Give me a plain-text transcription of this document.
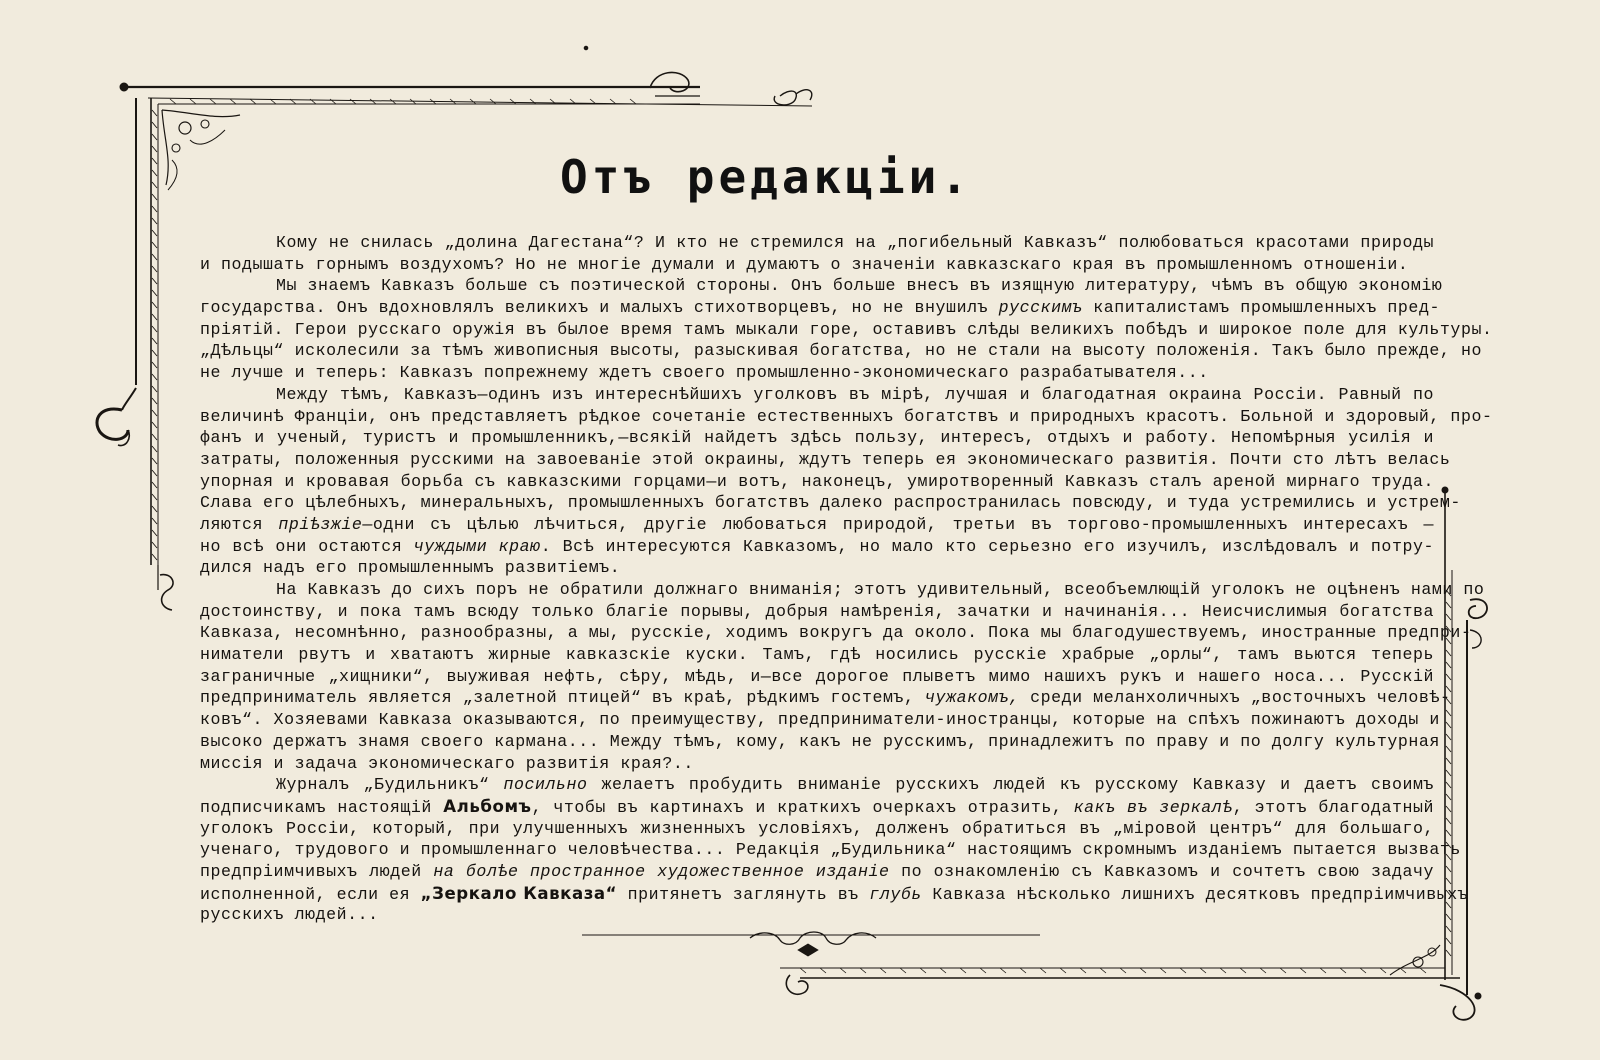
Отъ редакціи.
Кому не снилась „долина Дагестана“? И кто не стремился на „погибельный Кавказъ“ полюбоваться красотами природы
и подышать горнымъ воздухомъ? Но не многіе думали и думаютъ о значеніи кавказскаго края въ промышленномъ отношеніи.
Мы знаемъ Кавказъ больше съ поэтической стороны. Онъ больше внесъ въ изящную литературу, чѣмъ въ общую экономію
государства. Онъ вдохновлялъ великихъ и малыхъ стихотворцевъ, но не внушилъ русскимъ капиталистамъ промышленныхъ пред-
пріятій. Герои русскаго оружія въ былое время тамъ мыкали горе, оставивъ слѣды великихъ побѣдъ и широкое поле для культуры.
„Дѣльцы“ исколесили за тѣмъ живописныя высоты, разыскивая богатства, но не стали на высоту положенія. Такъ было прежде, но
не лучше и теперь: Кавказъ попрежнему ждетъ своего промышленно-экономическаго разрабатывателя...
Между тѣмъ, Кавказъ—одинъ изъ интереснѣйшихъ уголковъ въ мірѣ, лучшая и благодатная окраина Россіи. Равный по
величинѣ Франціи, онъ представляетъ рѣдкое сочетаніе естественныхъ богатствъ и природныхъ красотъ. Больной и здоровый, про-
фанъ и ученый, туристъ и промышленникъ,—всякій найдетъ здѣсь пользу, интересъ, отдыхъ и работу. Непомѣрныя усилія и
затраты, положенныя русскими на завоеваніе этой окраины, ждутъ теперь ея экономическаго развитія. Почти сто лѣтъ велась
упорная и кровавая борьба съ кавказскими горцами—и вотъ, наконецъ, умиротворенный Кавказъ сталъ ареной мирнаго труда.
Слава его цѣлебныхъ, минеральныхъ, промышленныхъ богатствъ далеко распространилась повсюду, и туда устремились и устрем-
ляются пріѣзжіе—одни съ цѣлью лѣчиться, другіе любоваться природой, третьи въ торгово-промышленныхъ интересахъ —
но всѣ они остаются чуждыми краю. Всѣ интересуются Кавказомъ, но мало кто серьезно его изучилъ, изслѣдовалъ и потру-
дился надъ его промышленнымъ развитіемъ.
На Кавказъ до сихъ поръ не обратили должнаго вниманія; этотъ удивительный, всеобъемлющій уголокъ не оцѣненъ нами по
достоинству, и пока тамъ всюду только благіе порывы, добрыя намѣренія, зачатки и начинанія... Неисчислимыя богатства
Кавказа, несомнѣнно, разнообразны, а мы, русскіе, ходимъ вокругъ да около. Пока мы благодушествуемъ, иностранные предпри-
ниматели рвутъ и хватаютъ жирные кавказскіе куски. Тамъ, гдѣ носились русскіе храбрые „орлы“, тамъ вьются теперь
заграничные „хищники“, выуживая нефть, сѣру, мѣдь, и—все дорогое плыветъ мимо нашихъ рукъ и нашего носа... Русскій
предприниматель является „залетной птицей“ въ краѣ, рѣдкимъ гостемъ, чужакомъ, среди меланхоличныхъ „восточныхъ человѣ-
ковъ“. Хозяевами Кавказа оказываются, по преимуществу, предприниматели-иностранцы, которые на спѣхъ пожинаютъ доходы и
высоко держатъ знамя своего кармана... Между тѣмъ, кому, какъ не русскимъ, принадлежитъ по праву и по долгу культурная
миссія и задача экономическаго развитія края?..
Журналъ „Будильникъ“ посильно желаетъ пробудить вниманіе русскихъ людей къ русскому Кавказу и даетъ своимъ
подписчикамъ настоящій Альбомъ, чтобы въ картинахъ и краткихъ очеркахъ отразить, какъ въ зеркалѣ, этотъ благодатный
уголокъ Россіи, который, при улучшенныхъ жизненныхъ условіяхъ, долженъ обратиться въ „міровой центръ“ для большаго,
ученаго, трудового и промышленнаго человѣчества... Редакція „Будильника“ настоящимъ скромнымъ изданіемъ пытается вызвать
предпріимчивыхъ людей на болѣе пространное художественное изданіе по ознакомленію съ Кавказомъ и сочтетъ свою задачу
исполненной, если ея „Зеркало Кавказа“ притянетъ заглянуть въ глубь Кавказа нѣсколько лишнихъ десятковъ предпріимчивыхъ
русскихъ людей...
